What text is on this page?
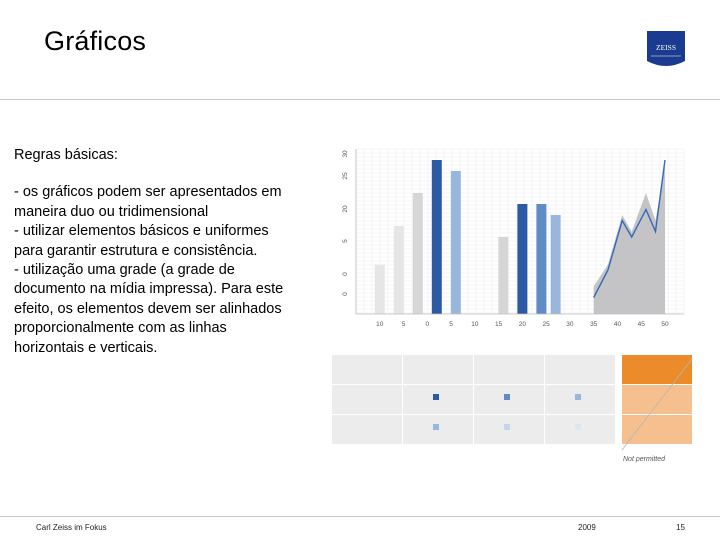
Gráficos	ZEISS

Regras básicas:

- os gráficos podem ser apresentados em

maneira duo ou tridimensional

- utilizar elementos básicos e uniformes

para garantir estrutura e consistência.

- utilização uma grade (a grade de

documento na mídia impressa). Para este

efeito, os elementos devem ser alinhados

proporcionalmente com as linhas

horizontais e verticais.

10	5	0	5	10	15	20	25	30	35	40	45	50
0
0
5
20
25
30
Not permitted
Carl Zeiss im Fokus	2009	15
